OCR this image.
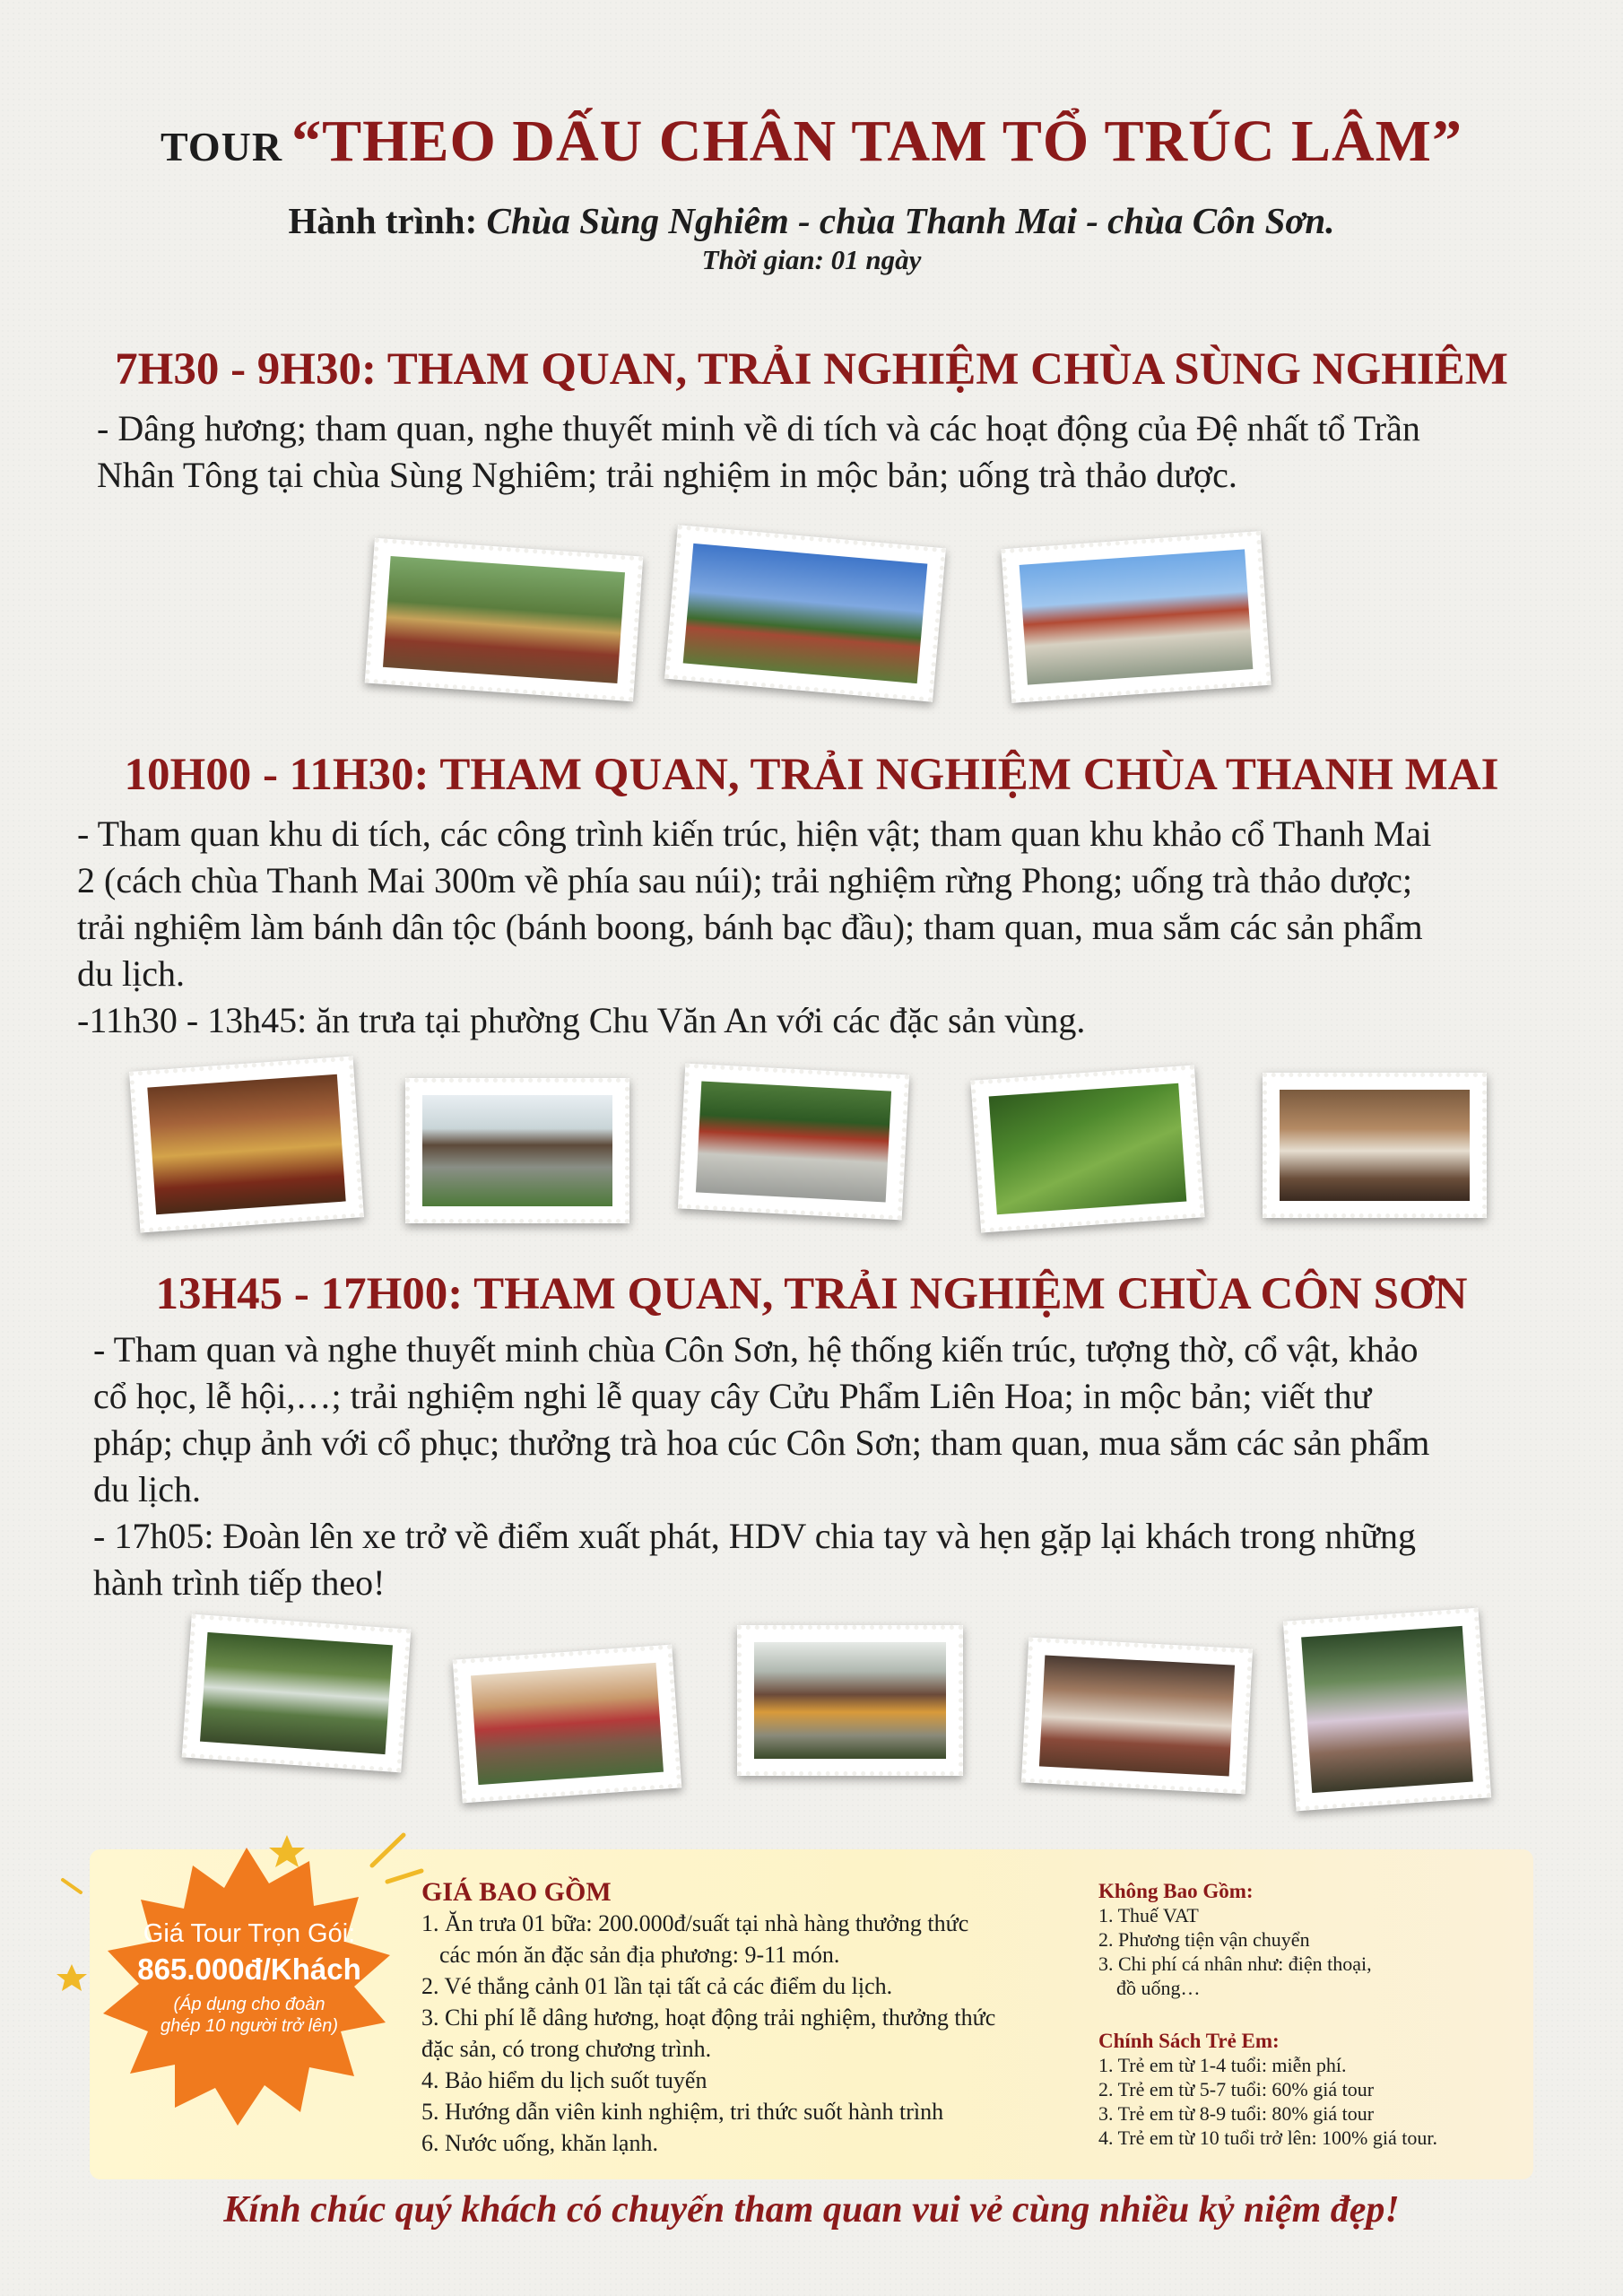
TOUR “THEO DẤU CHÂN TAM TỔ TRÚC LÂM”
Hành trình: Chùa Sùng Nghiêm - chùa Thanh Mai - chùa Côn Sơn.
Thời gian: 01 ngày
7H30 - 9H30: THAM QUAN, TRẢI NGHIỆM CHÙA SÙNG NGHIÊM
- Dâng hương; tham quan, nghe thuyết minh về di tích và các hoạt động của Đệ nhất tổ Trần
Nhân Tông tại chùa Sùng Nghiêm; trải nghiệm in mộc bản; uống trà thảo dược.
10H00 - 11H30: THAM QUAN, TRẢI NGHIỆM CHÙA THANH MAI
- Tham quan khu di tích, các công trình kiến trúc, hiện vật; tham quan khu khảo cổ Thanh Mai
2 (cách chùa Thanh Mai 300m về phía sau núi); trải nghiệm rừng Phong; uống trà thảo dược;
trải nghiệm làm bánh dân tộc (bánh boong, bánh bạc đầu); tham quan, mua sắm các sản phẩm
du lịch.
-11h30 - 13h45: ăn trưa tại phường Chu Văn An với các đặc sản vùng.
13H45 - 17H00: THAM QUAN, TRẢI NGHIỆM CHÙA CÔN SƠN
- Tham quan và nghe thuyết minh chùa Côn Sơn, hệ thống kiến trúc, tượng thờ, cổ vật, khảo
cổ học, lễ hội,…; trải nghiệm nghi lễ quay cây Cửu Phẩm Liên Hoa; in mộc bản; viết thư
pháp; chụp ảnh với cổ phục; thưởng trà hoa cúc Côn Sơn; tham quan, mua sắm các sản phẩm
du lịch.
- 17h05: Đoàn lên xe trở về điểm xuất phát, HDV chia tay và hẹn gặp lại khách trong những
hành trình tiếp theo!
Giá Tour Trọn Gói:
865.000đ/Khách
(Áp dụng cho đoàn
ghép 10 người trở lên)
GIÁ BAO GỒM
1. Ăn trưa 01 bữa: 200.000đ/suất tại nhà hàng thưởng thức
các món ăn đặc sản địa phương: 9-11 món.
2. Vé thắng cảnh 01 lần tại tất cả các điểm du lịch.
3. Chi phí lễ dâng hương, hoạt động trải nghiệm, thưởng thức
đặc sản, có trong chương trình.
4. Bảo hiểm du lịch suốt tuyến
5. Hướng dẫn viên kinh nghiệm, tri thức suốt hành trình
6. Nước uống, khăn lạnh.
Không Bao Gồm:
1. Thuế VAT
2. Phương tiện vận chuyển
3. Chi phí cá nhân như: điện thoại,
đồ uống…
Chính Sách Trẻ Em:
1. Trẻ em từ 1-4 tuổi: miễn phí.
2. Trẻ em từ 5-7 tuổi: 60% giá tour
3. Trẻ em từ 8-9 tuổi: 80% giá tour
4. Trẻ em từ 10 tuổi trở lên: 100% giá tour.
Kính chúc quý khách có chuyến tham quan vui vẻ cùng nhiều kỷ niệm đẹp!
